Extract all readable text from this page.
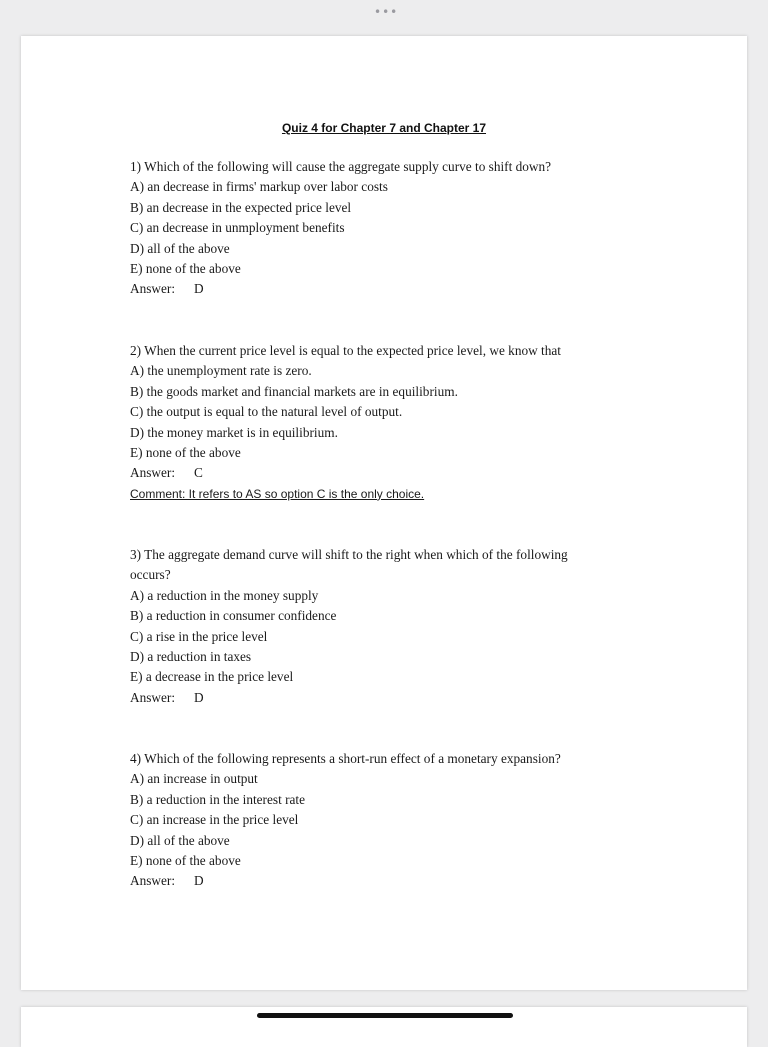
•••
Quiz 4 for Chapter 7 and Chapter 17
1) Which of the following will cause the aggregate supply curve to shift down?
A) an decrease in firms' markup over labor costs
B) an decrease in the expected price level
C) an decrease in unmployment benefits
D) all of the above
E) none of the above
Answer: D
2) When the current price level is equal to the expected price level, we know that
A) the unemployment rate is zero.
B) the goods market and financial markets are in equilibrium.
C) the output is equal to the natural level of output.
D) the money market is in equilibrium.
E) none of the above
Answer: C
Comment: It refers to AS so option C is the only choice.
3) The aggregate demand curve will shift to the right when which of the following
occurs?
A) a reduction in the money supply
B) a reduction in consumer confidence
C) a rise in the price level
D) a reduction in taxes
E) a decrease in the price level
Answer: D
4) Which of the following represents a short-run effect of a monetary expansion?
A) an increase in output
B) a reduction in the interest rate
C) an increase in the price level
D) all of the above
E) none of the above
Answer: D
